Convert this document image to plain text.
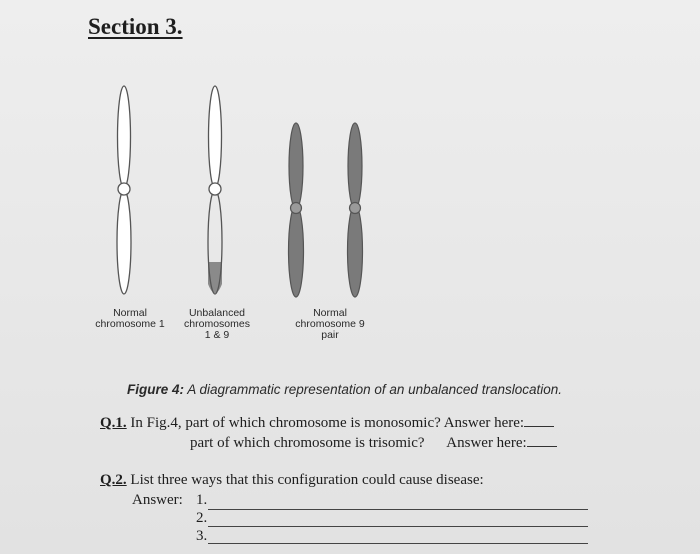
Section 3.
Normal
chromosome 1
Unbalanced
chromosomes
1 & 9
Normal
chromosome 9
pair
Figure 4: A diagrammatic representation of an unbalanced translocation.
Q.1. In Fig.4, part of which chromosome is monosomic? Answer here:
part of which chromosome is trisomic? Answer here:
Q.2. List three ways that this configuration could cause disease:
Answer: 1.
2.
3.
